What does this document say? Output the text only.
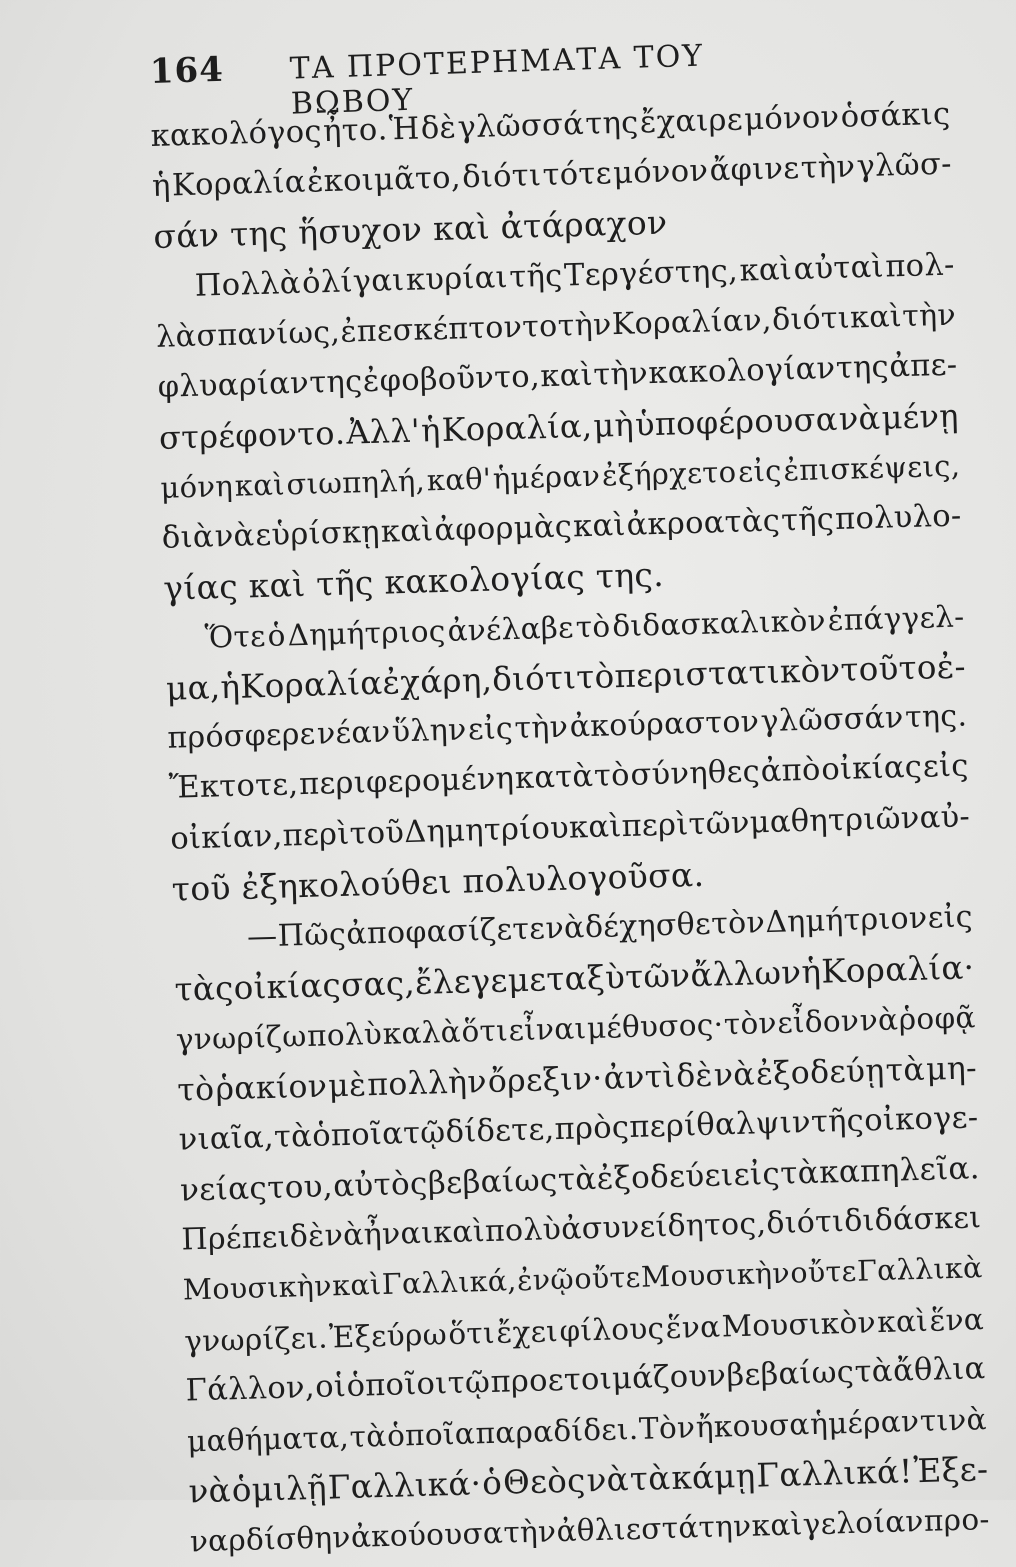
164 ΤΑ ΠΡΟΤΕΡΗΜΑΤΑ ΤΟΥ ΒΩΒΟΥ
κακολόγος ἦτο. Ἡ δὲ γλῶσσά της ἔχαιρε μόνον ὁσάκις
ἡ Κοραλία ἐκοιμᾶτο, διότι τότε μόνον ἄφινε τὴν γλῶσ-
σάν της ἥσυχον καὶ ἀτάραχον
Πολλὰ ὀλίγαι κυρίαι τῆς Τεργέστης, καὶ αὐταὶ πολ-
λὰ σπανίως, ἐπεσκέπτοντο τὴν Κοραλίαν, διότι καὶ τὴν
φλυαρίαν της ἐφοβοῦντο, καὶ τὴν κακολογίαν της ἀπε-
στρέφοντο. Ἀλλ' ἡ Κοραλία, μὴ ὑποφέρουσα νὰ μένῃ
μόνη καὶ σιωπηλή, καθ' ἡμέραν ἐξήρχετο εἰς ἐπισκέψεις,
διὰ νὰ εὑρίσκῃ καὶ ἀφορμὰς καὶ ἀκροατὰς τῆς πολυλο-
γίας καὶ τῆς κακολογίας της.
Ὅτε ὁ Δημήτριος ἀνέλαβε τὸ διδασκαλικὸν ἐπάγγελ-
μα,
ἡ
Κοραλία
ἐχάρη,
διότι
τὸ
περιστατικὸν
τοῦτο
ἐ-
πρόσφερε νέαν ὕλην εἰς τὴν ἀκούραστον γλῶσσάν της.
Ἔκτοτε, περιφερομένη κατὰ τὸ σύνηθες ἀπὸ οἰκίας εἰς
οἰκίαν, περὶ τοῦ Δημητρίου καὶ περὶ τῶν μαθητριῶν αὐ-
τοῦ ἐξηκολούθει πολυλογοῦσα.
— Πῶς ἀποφασίζετε νὰ δέχησθε τὸν Δημήτριον εἰς
τὰς οἰκίας σας, ἔλεγε μεταξὺ τῶν ἄλλων ἡ Κοραλία·
γνωρίζω πολὺ καλὰ ὅτι εἶναι μέθυσος· τὸν εἶδον νὰ ῥοφᾷ
τὸ ῥακίον μὲ πολλὴν ὄρεξιν· ἀντὶ δὲ νὰ ἐξοδεύῃ τὰ μη-
νιαῖα, τὰ ὁποῖα τῷ δίδετε, πρὸς περίθαλψιν τῆς οἰκογε-
νείας του, αὐτὸς βεβαίως τὰ ἐξοδεύει εἰς τὰ καπηλεῖα.
Πρέπει δὲ νὰ ἦναι καὶ πολὺ ἀσυνείδητος, διότι διδάσκει
Μουσικὴν καὶ Γαλλικά, ἐνῷ οὔτε Μουσικὴν οὔτε Γαλλικὰ
γνωρίζει. Ἐξεύρω ὅτι ἔχει φίλους ἕνα Μουσικὸν καὶ ἕνα
Γάλλον, οἱ ὁποῖοι τῷ προετοιμάζουν βεβαίως τὰ ἄθλια
μαθήματα, τὰ ὁποῖα παραδίδει. Τὸν ἤκουσα ἡμέραν τινὰ
νὰ ὁμιλῇ Γαλλικά· ὁ Θεὸς νὰ τὰ κάμῃ Γαλλικά! Ἐξε-
ναρδίσθην ἀκούουσα τὴν ἀθλιεστάτην καὶ γελοίαν προ-
